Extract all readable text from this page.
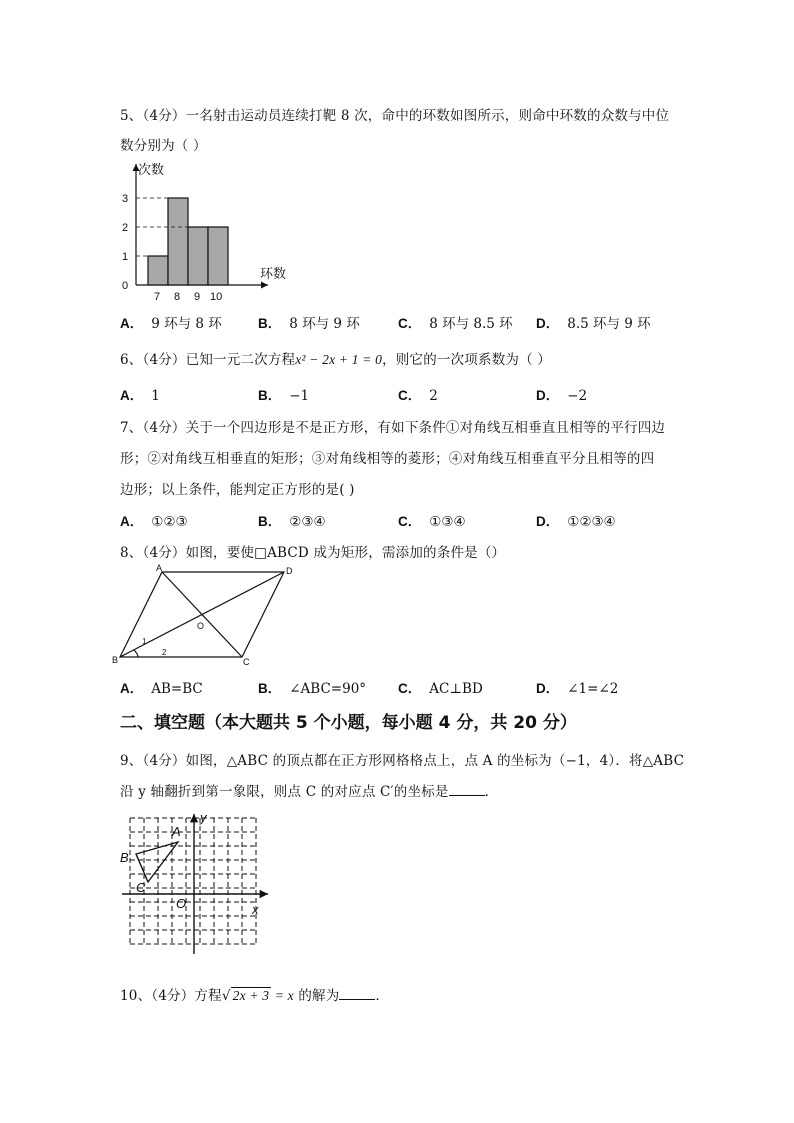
5、（4分）一名射击运动员连续打靶 8 次，命中的环数如图所示，则命中环数的众数与中位
数分别为（ ）
次数
环数
0
1
2
3
7 8 9 10
A． 9 环与 8 环	B． 8 环与 9 环	C． 8 环与 8.5 环 D． 8.5 环与 9 环
6、（4分）已知一元二次方程x² − 2x + 1 = 0，则它的一次项系数为（ ）
A． 1	B． −1	C． 2	D． −2
7、（4分）关于一个四边形是不是正方形，有如下条件①对角线互相垂直且相等的平行四边
形；②对角线互相垂直的矩形；③对角线相等的菱形；④对角线互相垂直平分且相等的四
边形；以上条件，能判定正方形的是( )
A． ①②③	B． ②③④	C． ①③④	D． ①②③④
8、（4分）如图，要使□ABCD 成为矩形，需添加的条件是（）
A	D
B	C
O
1
2
A． AB=BC	B． ∠ABC=90° C． AC⊥BD	D． ∠1=∠2
二、填空题（本大题共 5 个小题，每小题 4 分，共 20 分）
9、（4分）如图，△ABC 的顶点都在正方形网格格点上，点 A 的坐标为（−1，4）．将△ABC
沿 y 轴翻折到第一象限，则点 C 的对应点 C′的坐标是	．
A
B
C
O	x
y
10、（4分）方程√ 2x + 3 = x 的解为	．
